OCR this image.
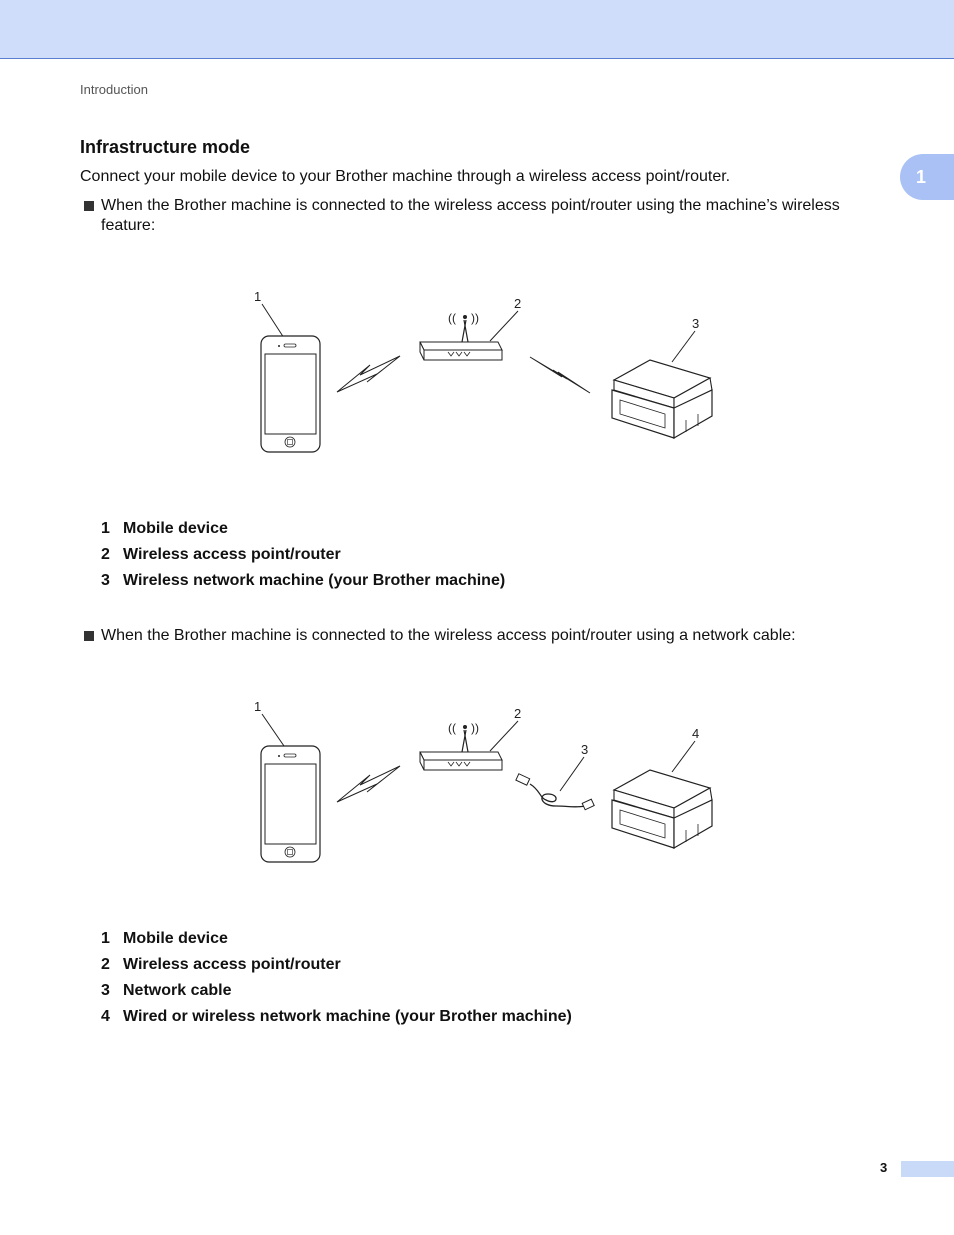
Introduction
1
Infrastructure mode

Connect your mobile device to your Brother machine through a wireless access point/router.

When the Brother machine is connected to the wireless access point/router using the machine’s wireless feature:
1
(( ))
2
3
1 Mobile device
2 Wireless access point/router
3 Wireless network machine (your Brother machine)
When the Brother machine is connected to the wireless access point/router using a network cable:
1
(( ))
2
3
4
1 Mobile device
2 Wireless access point/router
3 Network cable
4 Wired or wireless network machine (your Brother machine)
3
